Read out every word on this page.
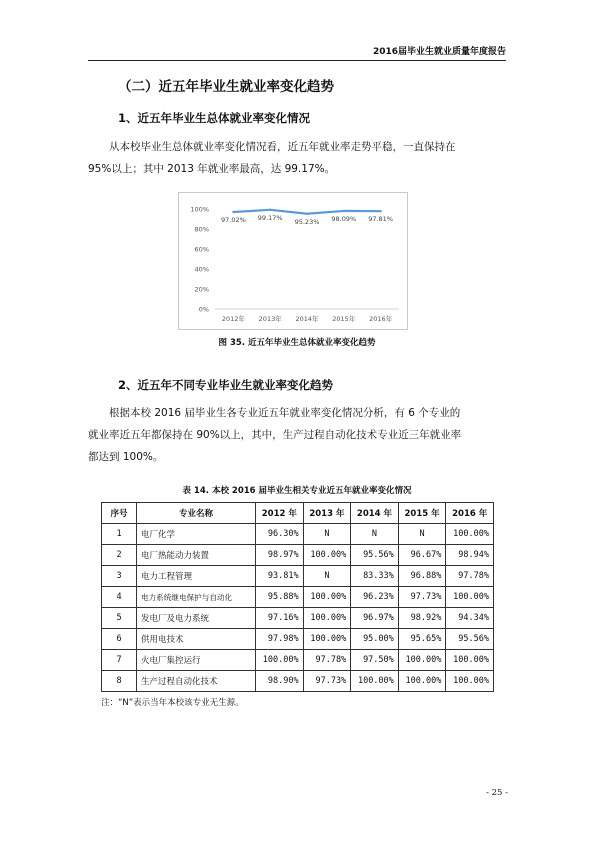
2016届毕业生就业质量年度报告
（二）近五年毕业生就业率变化趋势
1、近五年毕业生总体就业率变化情况
从本校毕业生总体就业率变化情况看，近五年就业率走势平稳，一直保持在
95%以上；其中 2013 年就业率最高，达 99.17%。
0%
20%
40%
60%
80%
100%
2012年 2013年 2014年 2015年 2016年
97.02% 99.17% 95.23% 98.09% 97.81%
图 35. 近五年毕业生总体就业率变化趋势
2、近五年不同专业毕业生就业率变化趋势
根据本校 2016 届毕业生各专业近五年就业率变化情况分析，有 6 个专业的
就业率近五年都保持在 90%以上，其中，生产过程自动化技术专业近三年就业率
都达到 100%。
表 14. 本校 2016 届毕业生相关专业近五年就业率变化情况
序号	专业名称	2012 年	2013 年	2014 年	2015 年	2016 年
1	电厂化学	96.30%	N	N	N	100.00%
2	电厂热能动力装置	98.97%	100.00%	95.56%	96.67%	98.94%
3	电力工程管理	93.81%	N	83.33%	96.88%	97.78%
4	电力系统继电保护与自动化	95.88%	100.00%	96.23%	97.73%	100.00%
5	发电厂及电力系统	97.16%	100.00%	96.97%	98.92%	94.34%
6	供用电技术	97.98%	100.00%	95.00%	95.65%	95.56%
7	火电厂集控运行	100.00%	97.78%	97.50%	100.00%	100.00%
8	生产过程自动化技术	98.90%	97.73%	100.00%	100.00%	100.00%
注：“N”表示当年本校该专业无生源。
- 25 -
